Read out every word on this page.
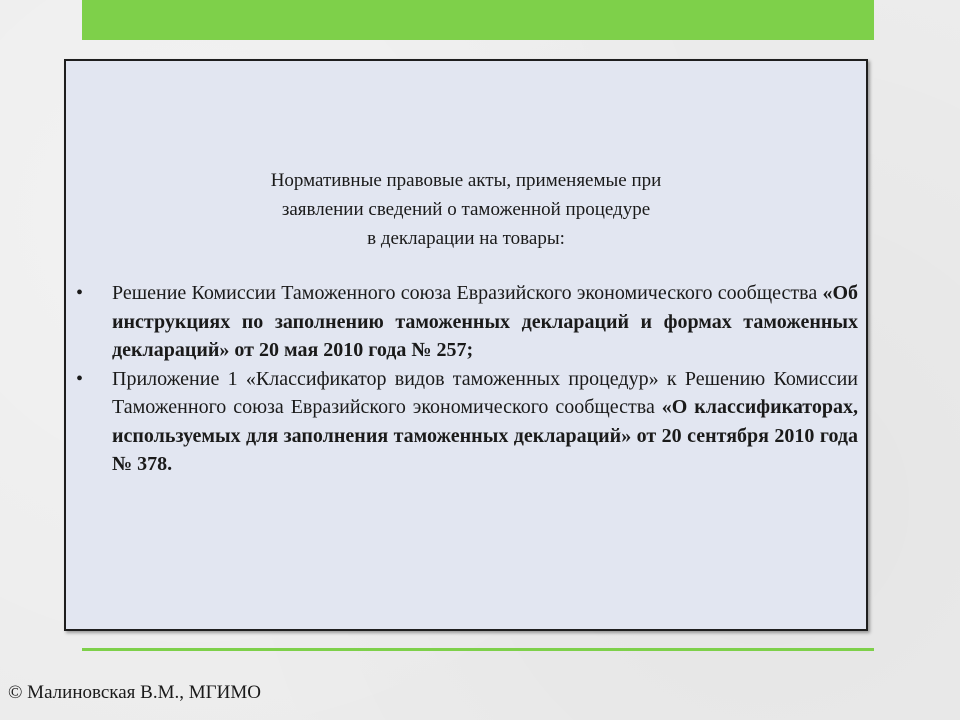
Нормативные правовые акты, применяемые при
заявлении сведений о таможенной процедуре
в декларации на товары:
• Решение Комиссии Таможенного союза Евразийского экономического сообщества «Об инструкциях по заполнению таможенных деклараций и формах таможенных деклараций» от 20 мая 2010 года № 257;
• Приложение 1 «Классификатор видов таможенных процедур» к Решению Комиссии Таможенного союза Евразийского экономического сообщества «О классификаторах, используемых для заполнения таможенных деклараций» от 20 сентября 2010 года № 378.
© Малиновская В.М., МГИМО
